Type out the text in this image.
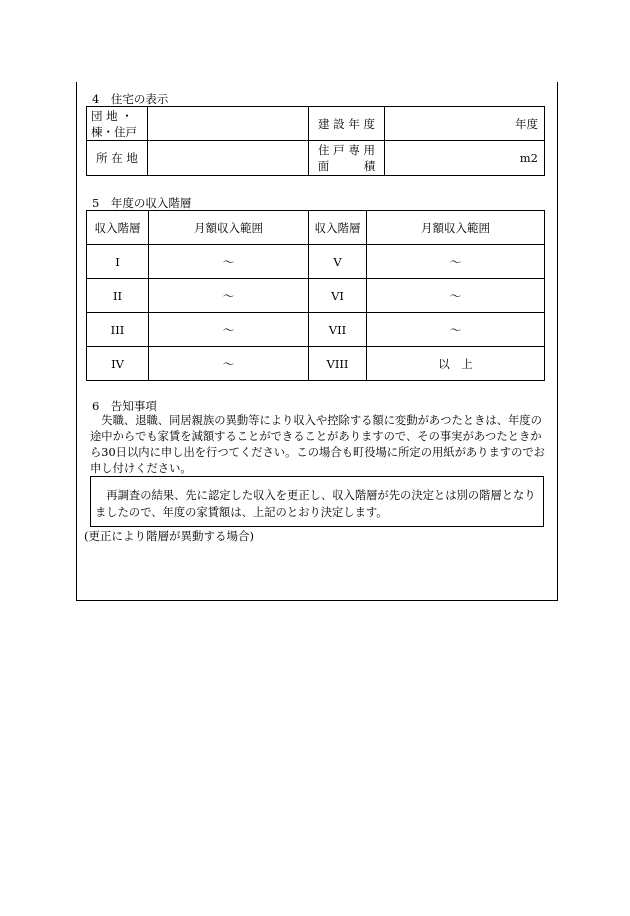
4　住宅の表示
団 地 ・
棟・住戸		建 設 年 度	年度
所 在 地		住 戸 専 用
面　　　積	m2
5　年度の収入階層
収入階層	月額収入範囲	収入階層	月額収入範囲
I	～	V	～
II	～	VI	～
III	～	VII	～
IV	～	VIII	以　上
6　告知事項
失職、退職、同居親族の異動等により収入や控除する額に変動があつたときは、年度の途中からでも家賃を減額することができることがありますので、その事実があつたときから30日以内に申し出を行つてください。この場合も町役場に所定の用紙がありますのでお申し付けください。

再調査の結果、先に認定した収入を更正し、収入階層が先の決定とは別の階層となりましたので、年度の家賃額は、上記のとおり決定します。

(更正により階層が異動する場合)
